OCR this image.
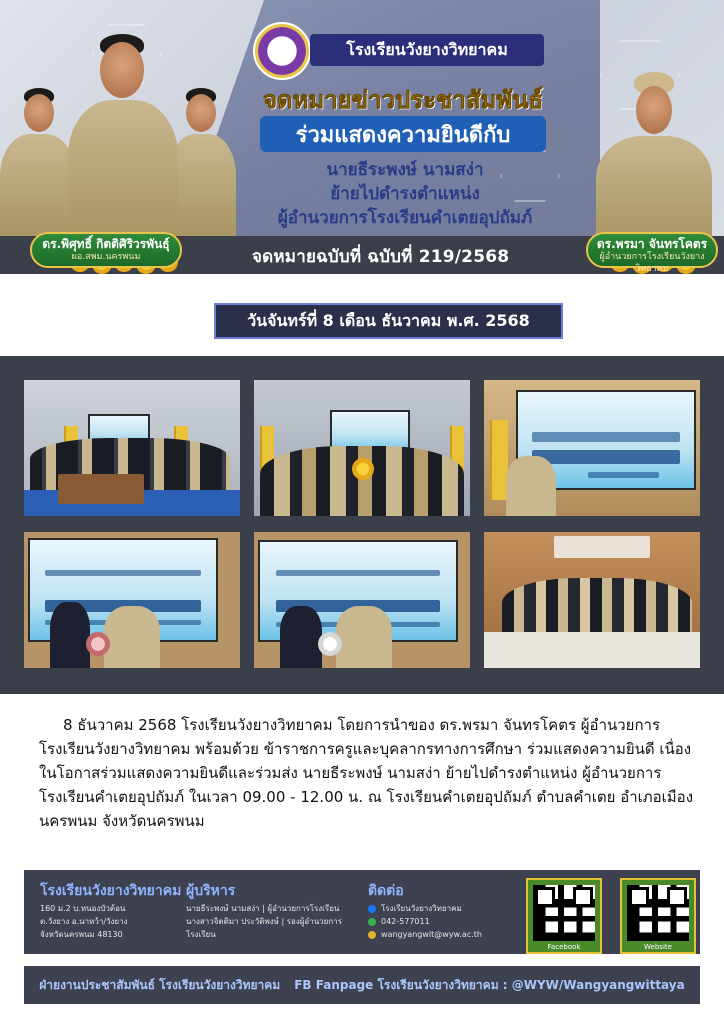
โรงเรียนวังยางวิทยาคม
จดหมายข่าวประชาสัมพันธ์
ร่วมแสดงความยินดีกับ
นายธีระพงษ์ นามสง่า
ย้ายไปดำรงตำแหน่ง
ผู้อำนวยการโรงเรียนคำเตยอุปถัมภ์
จดหมายฉบับที่ ฉบับที่ 219/2568
ดร.พิศุทธิ์ กิตติศิริวรพันธุ์
ผอ.สพม.นครพนม
ดร.พรมา จันทรโคตร
ผู้อำนวยการโรงเรียนวังยางวิทยาคม
วันจันทร์ที่ 8 เดือน ธันวาคม พ.ศ. 2568

8 ธันวาคม 2568 โรงเรียนวังยางวิทยาคม โดยการนำของ ดร.พรมา จันทรโคตร ผู้อำนวยการโรงเรียนวังยางวิทยาคม พร้อมด้วย ข้าราชการครูและบุคลากรทางการศึกษา ร่วมแสดงความยินดี เนื่องในโอกาสร่วมแสดงความยินดีและร่วมส่ง นายธีระพงษ์ นามสง่า ย้ายไปดำรงตำแหน่ง ผู้อำนวยการโรงเรียนคำเตยอุปถัมภ์ ในเวลา 09.00 - 12.00 น. ณ โรงเรียนคำเตยอุปถัมภ์ ตำบลคำเตย อำเภอเมืองนครพนม จังหวัดนครพนม

โรงเรียนวังยางวิทยาคม
160 ม.2 บ.หนองบัวต้อน
ต.วังยาง อ.นาหว้า/วังยาง
จังหวัดนครพนม 48130
ผู้บริหาร
นายธีระพงษ์ นามสง่า | ผู้อำนวยการโรงเรียน
นางสาวจิตติมา ประวัติพงษ์ | รองผู้อำนวยการโรงเรียน
ติดต่อ
โรงเรียนวังยางวิทยาคม
042-577011
wangyangwit@wyw.ac.th
Facebook	Website
ฝ่ายงานประชาสัมพันธ์ โรงเรียนวังยางวิทยาคม FB Fanpage โรงเรียนวังยางวิทยาคม : @WYW/Wangyangwittaya
